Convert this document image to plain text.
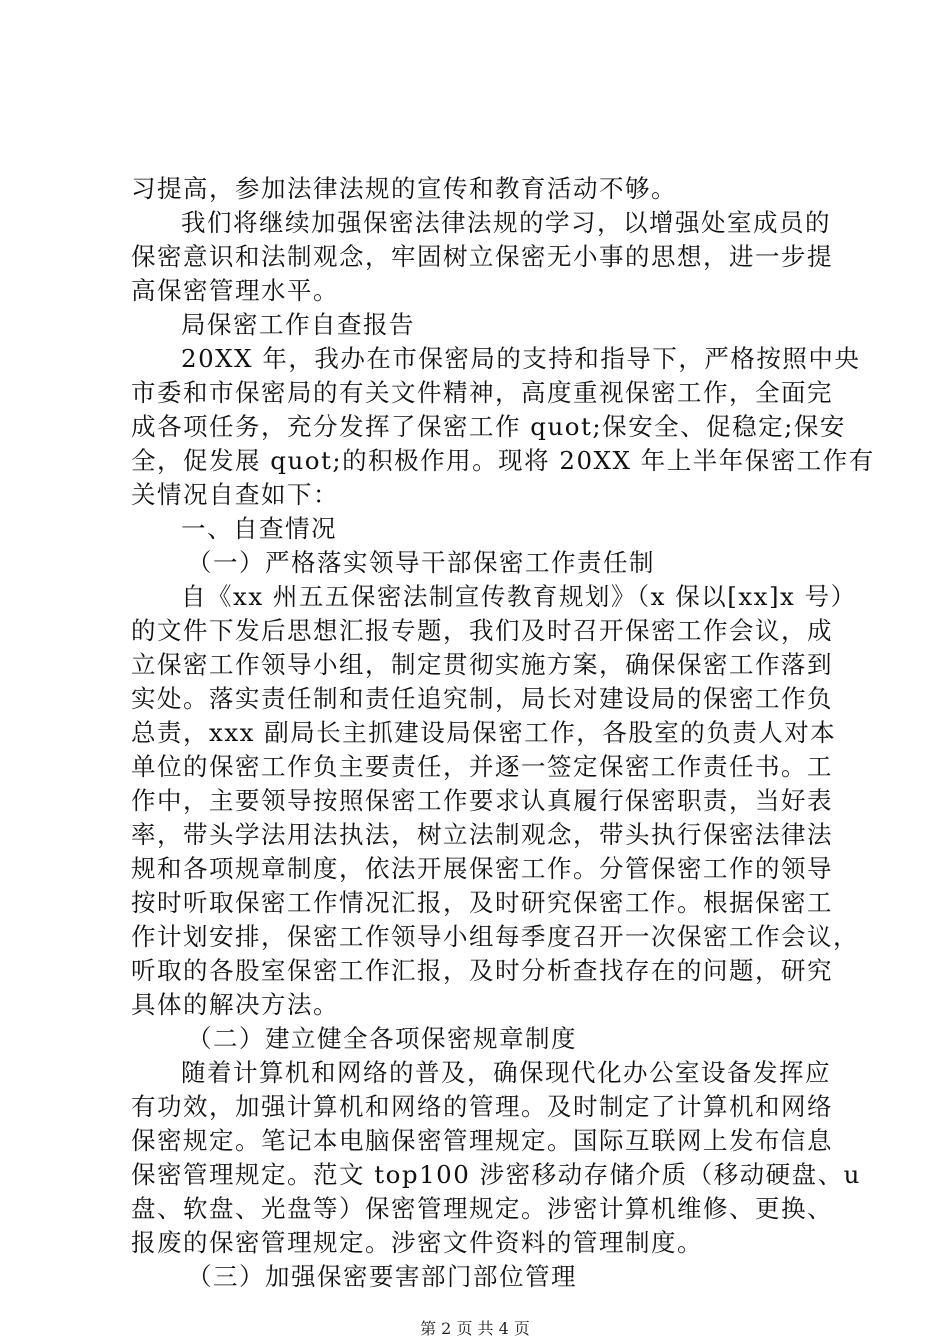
习提高，参加法律法规的宣传和教育活动不够。
我们将继续加强保密法律法规的学习，以增强处室成员的
保密意识和法制观念，牢固树立保密无小事的思想，进一步提
高保密管理水平。
局保密工作自查报告
20XX 年，我办在市保密局的支持和指导下，严格按照中央
市委和市保密局的有关文件精神，高度重视保密工作，全面完
成各项任务，充分发挥了保密工作 quot;保安全、促稳定;保安
全，促发展 quot;的积极作用。现将 20XX 年上半年保密工作有
关情况自查如下：
一、自查情况
（一）严格落实领导干部保密工作责任制
自《xx 州五五保密法制宣传教育规划》（x 保以[xx]x 号）
的文件下发后思想汇报专题，我们及时召开保密工作会议，成
立保密工作领导小组，制定贯彻实施方案，确保保密工作落到
实处。落实责任制和责任追究制，局长对建设局的保密工作负
总责，xxx 副局长主抓建设局保密工作，各股室的负责人对本
单位的保密工作负主要责任，并逐一签定保密工作责任书。工
作中，主要领导按照保密工作要求认真履行保密职责，当好表
率，带头学法用法执法，树立法制观念，带头执行保密法律法
规和各项规章制度，依法开展保密工作。分管保密工作的领导
按时听取保密工作情况汇报，及时研究保密工作。根据保密工
作计划安排，保密工作领导小组每季度召开一次保密工作会议，
听取的各股室保密工作汇报，及时分析查找存在的问题，研究
具体的解决方法。
（二）建立健全各项保密规章制度
随着计算机和网络的普及，确保现代化办公室设备发挥应
有功效，加强计算机和网络的管理。及时制定了计算机和网络
保密规定。笔记本电脑保密管理规定。国际互联网上发布信息
保密管理规定。范文 top100 涉密移动存储介质（移动硬盘、u
盘、软盘、光盘等）保密管理规定。涉密计算机维修、更换、
报废的保密管理规定。涉密文件资料的管理制度。
（三）加强保密要害部门部位管理
第 2 页 共 4 页
